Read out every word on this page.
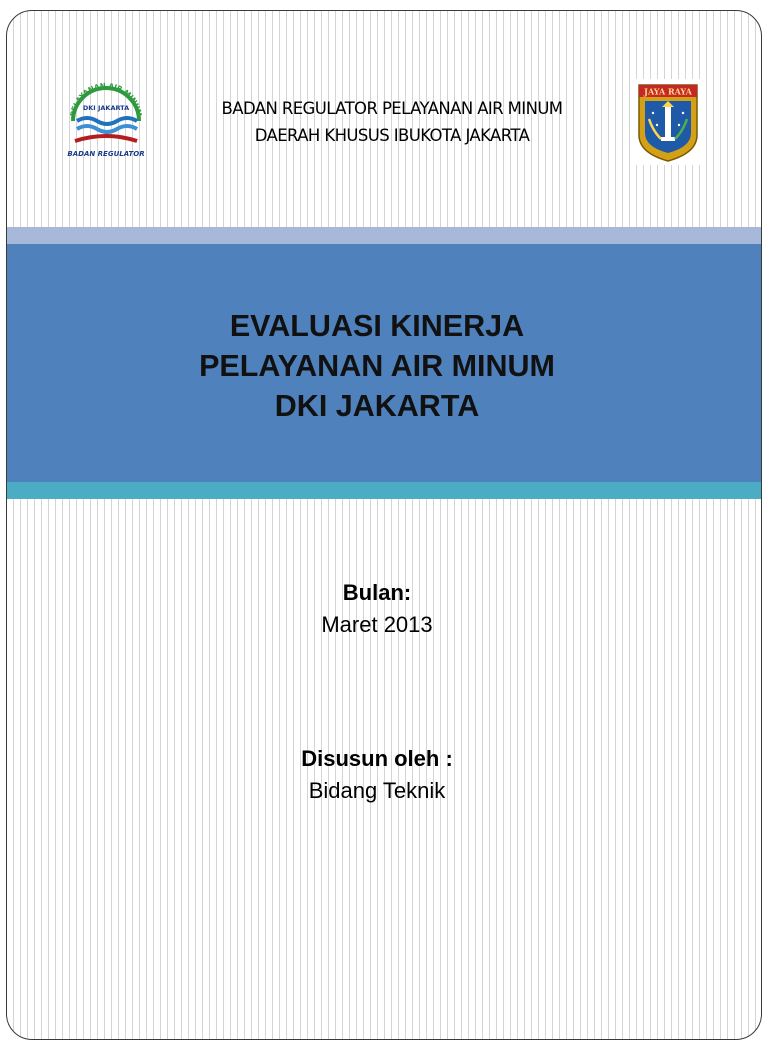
PELAYANAN AIR MINUM
DKI JAKARTA
BADAN REGULATOR
BADAN REGULATOR PELAYANAN AIR MINUM
DAERAH KHUSUS IBUKOTA JAKARTA
JAYA RAYA
EVALUASI KINERJA
PELAYANAN AIR MINUM
DKI JAKARTA
Bulan:
Maret 2013
Disusun oleh :
Bidang Teknik
